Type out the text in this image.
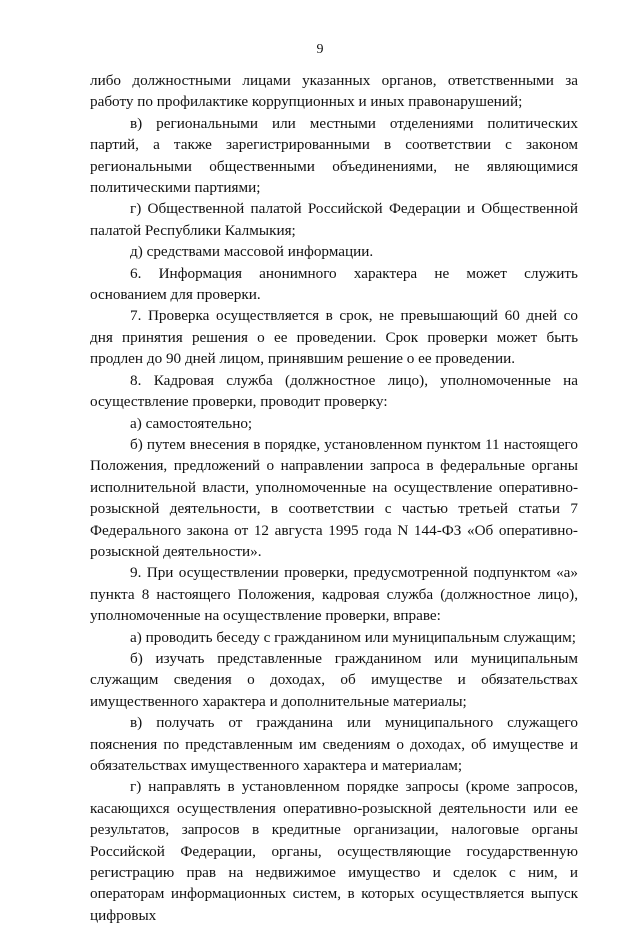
9

либо должностными лицами указанных органов, ответственными за работу по профилактике коррупционных и иных правонарушений;

в) региональными или местными отделениями политических партий, а также зарегистрированными в соответствии с законом региональными общественными объединениями, не являющимися политическими партиями;

г) Общественной палатой Российской Федерации и Общественной палатой Республики Калмыкия;

д) средствами массовой информации.

6. Информация анонимного характера не может служить основанием для проверки.

7. Проверка осуществляется в срок, не превышающий 60 дней со дня принятия решения о ее проведении. Срок проверки может быть продлен до 90 дней лицом, принявшим решение о ее проведении.

8. Кадровая служба (должностное лицо), уполномоченные на осуществление проверки, проводит проверку:

а) самостоятельно;

б) путем внесения в порядке, установленном пунктом 11 настоящего Положения, предложений о направлении запроса в федеральные органы исполнительной власти, уполномоченные на осуществление оперативно-розыскной деятельности, в соответствии с частью третьей статьи 7 Федерального закона от 12 августа 1995 года N 144-ФЗ «Об оперативно-розыскной деятельности».

9. При осуществлении проверки, предусмотренной подпунктом «а» пункта 8 настоящего Положения, кадровая служба (должностное лицо), уполномоченные на осуществление проверки, вправе:

а) проводить беседу с гражданином или муниципальным служащим;

б) изучать представленные гражданином или муниципальным служащим сведения о доходах, об имуществе и обязательствах имущественного характера и дополнительные материалы;

в) получать от гражданина или муниципального служащего пояснения по представленным им сведениям о доходах, об имуществе и обязательствах имущественного характера и материалам;

г) направлять в установленном порядке запросы (кроме запросов, касающихся осуществления оперативно-розыскной деятельности или ее результатов, запросов в кредитные организации, налоговые органы Российской Федерации, органы, осуществляющие государственную регистрацию прав на недвижимое имущество и сделок с ним, и операторам информационных систем, в которых осуществляется выпуск цифровых
